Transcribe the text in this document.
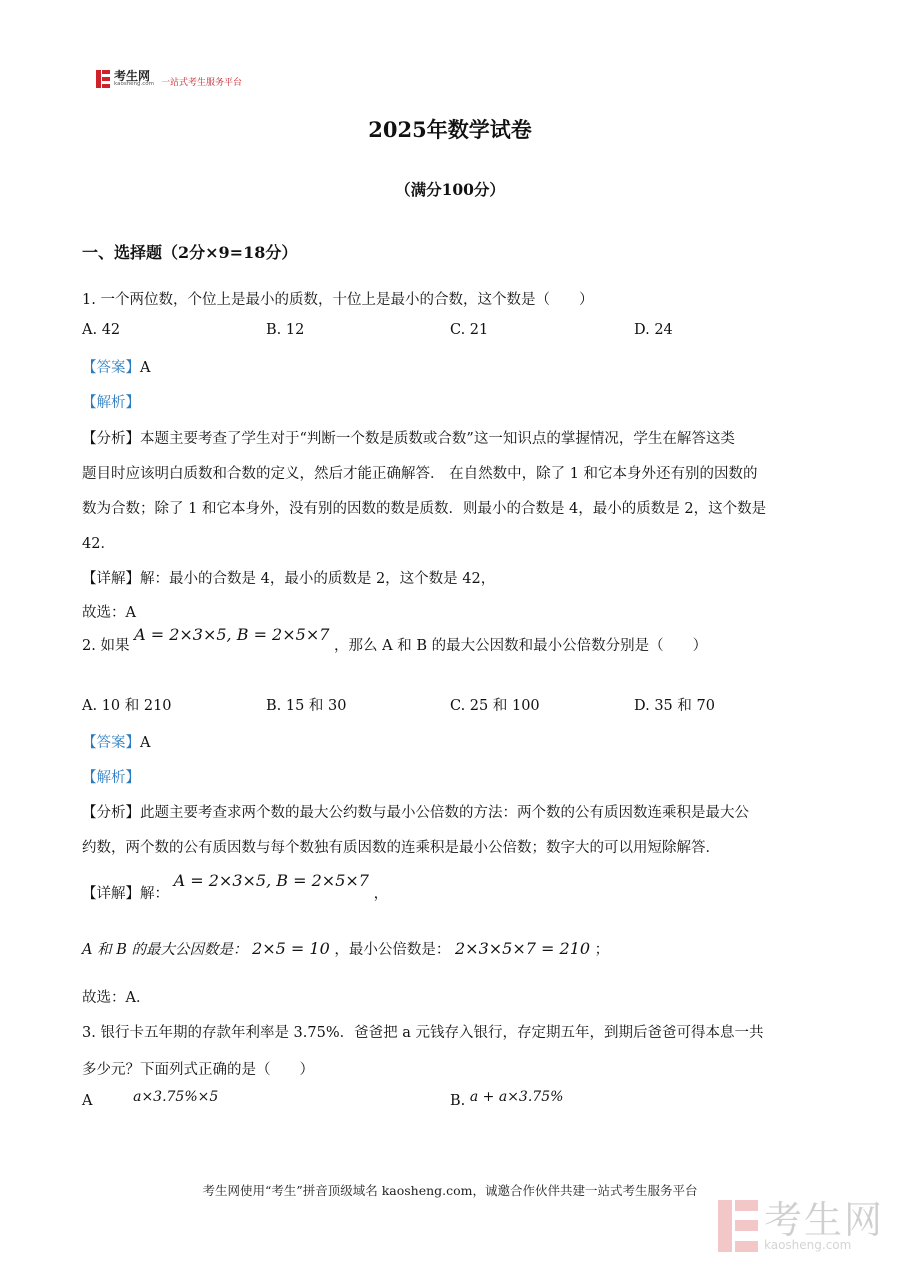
考生网
kaosheng.com 一站式考生服务平台
2025年数学试卷
（满分100分）
一、选择题（2分×9=18分）
1. 一个两位数，个位上是最小的质数，十位上是最小的合数，这个数是（　　）
A. 42	B. 12	C. 21	D. 24
【答案】A
【解析】
【分析】本题主要考查了学生对于“判断一个数是质数或合数”这一知识点的掌握情况，学生在解答这类
题目时应该明白质数和合数的定义，然后才能正确解答． 在自然数中，除了 1 和它本身外还有别的因数的
数为合数；除了 1 和它本身外，没有别的因数的数是质数．则最小的合数是 4，最小的质数是 2，这个数是
42．
【详解】解：最小的合数是 4，最小的质数是 2，这个数是 42，
故选：A
2. 如果 A = 2×3×5, B = 2×5×7 ，那么 A 和 B 的最大公因数和最小公倍数分别是（　　）
A. 10 和 210	B. 15 和 30	C. 25 和 100	D. 35 和 70
【答案】A
【解析】
【分析】此题主要考查求两个数的最大公约数与最小公倍数的方法：两个数的公有质因数连乘积是最大公
约数，两个数的公有质因数与每个数独有质因数的连乘积是最小公倍数；数字大的可以用短除解答．
【详解】解： A = 2×3×5, B = 2×5×7 ，
A 和 B 的最大公因数是： 2×5 = 10 ，最小公倍数是： 2×3×5×7 = 210 ；
故选：A．
3. 银行卡五年期的存款年利率是 3.75%．爸爸把 a 元钱存入银行，存定期五年，到期后爸爸可得本息一共
多少元？下面列式正确的是（　　）
A	a×3.75%×5	B. a + a×3.75%
考生网使用“考生”拼音顶级域名 kaosheng.com，诚邀合作伙伴共建一站式考生服务平台
考生网
kaosheng.com
